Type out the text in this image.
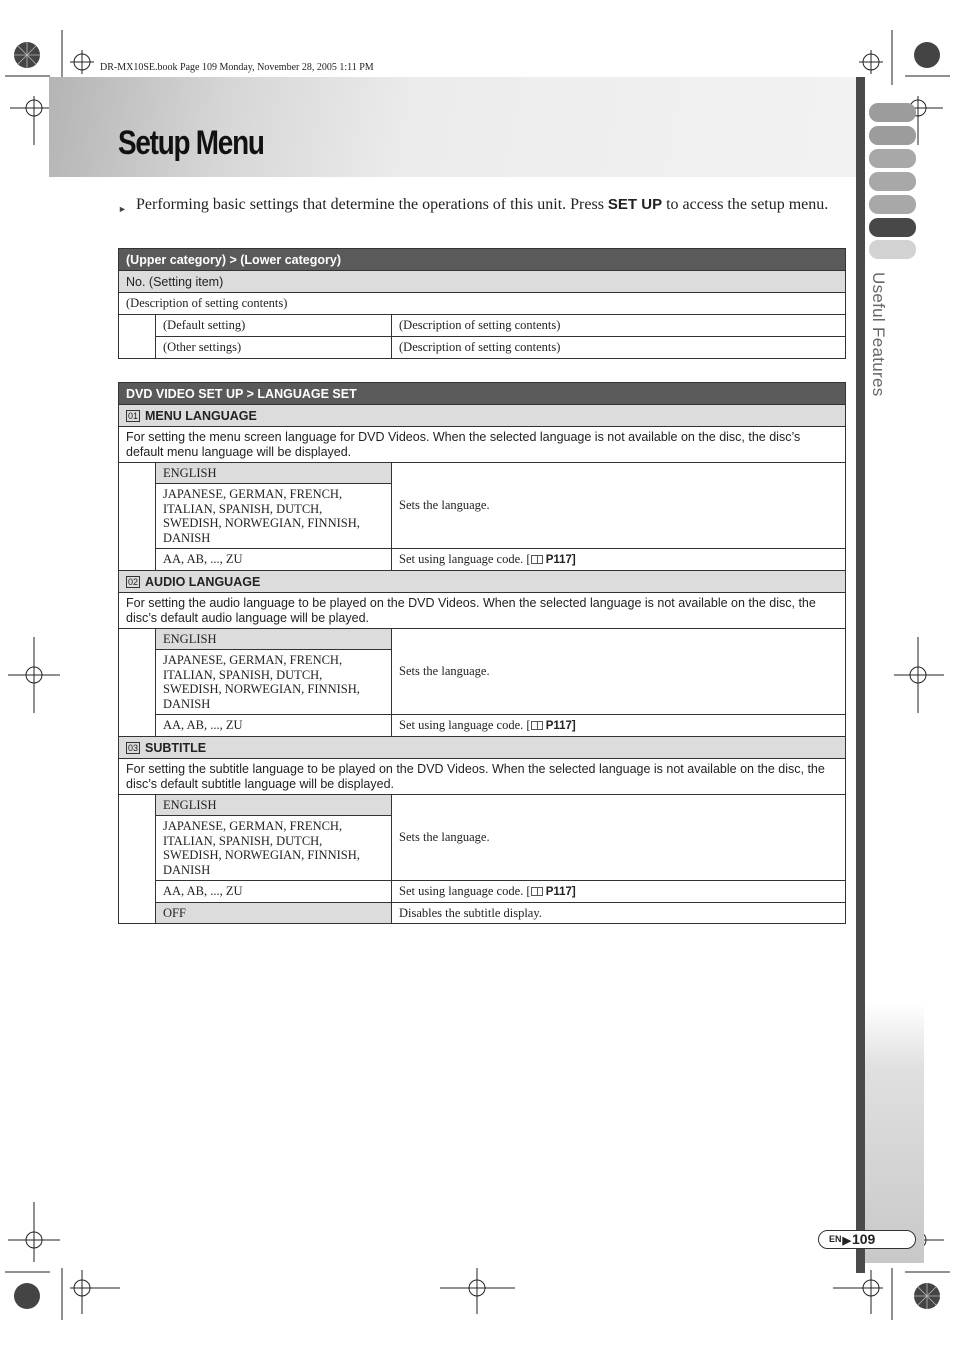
DR-MX10SE.book Page 109 Monday, November 28, 2005 1:11 PM
Setup Menu
Useful Features
► Performing basic settings that determine the operations of this unit. Press SET UP to access the setup menu.
(Upper category) > (Lower category)		
No. (Setting item)		
(Description of setting contents)		
	(Default setting)	(Description of setting contents)
	(Other settings)	(Description of setting contents)
DVD VIDEO SET UP > LANGUAGE SET		
01 MENU LANGUAGE		
For setting the menu screen language for DVD Videos. When the selected language is not available on the disc, the disc’s default menu language will be displayed.		
	ENGLISH	Sets the language.
	JAPANESE, GERMAN, FRENCH, ITALIAN, SPANISH, DUTCH, SWEDISH, NORWEGIAN, FINNISH, DANISH	
	AA, AB, ..., ZU	Set using language code. [ P117]
02 AUDIO LANGUAGE		
For setting the audio language to be played on the DVD Videos. When the selected language is not available on the disc, the disc’s default audio language will be played.		
	ENGLISH	Sets the language.
	JAPANESE, GERMAN, FRENCH, ITALIAN, SPANISH, DUTCH, SWEDISH, NORWEGIAN, FINNISH, DANISH	
	AA, AB, ..., ZU	Set using language code. [ P117]
03 SUBTITLE		
For setting the subtitle language to be played on the DVD Videos. When the selected language is not available on the disc, the disc’s default subtitle language will be displayed.		
	ENGLISH	Sets the language.
	JAPANESE, GERMAN, FRENCH, ITALIAN, SPANISH, DUTCH, SWEDISH, NORWEGIAN, FINNISH, DANISH	
	AA, AB, ..., ZU	Set using language code. [ P117]
	OFF	Disables the subtitle display.
EN▶109
